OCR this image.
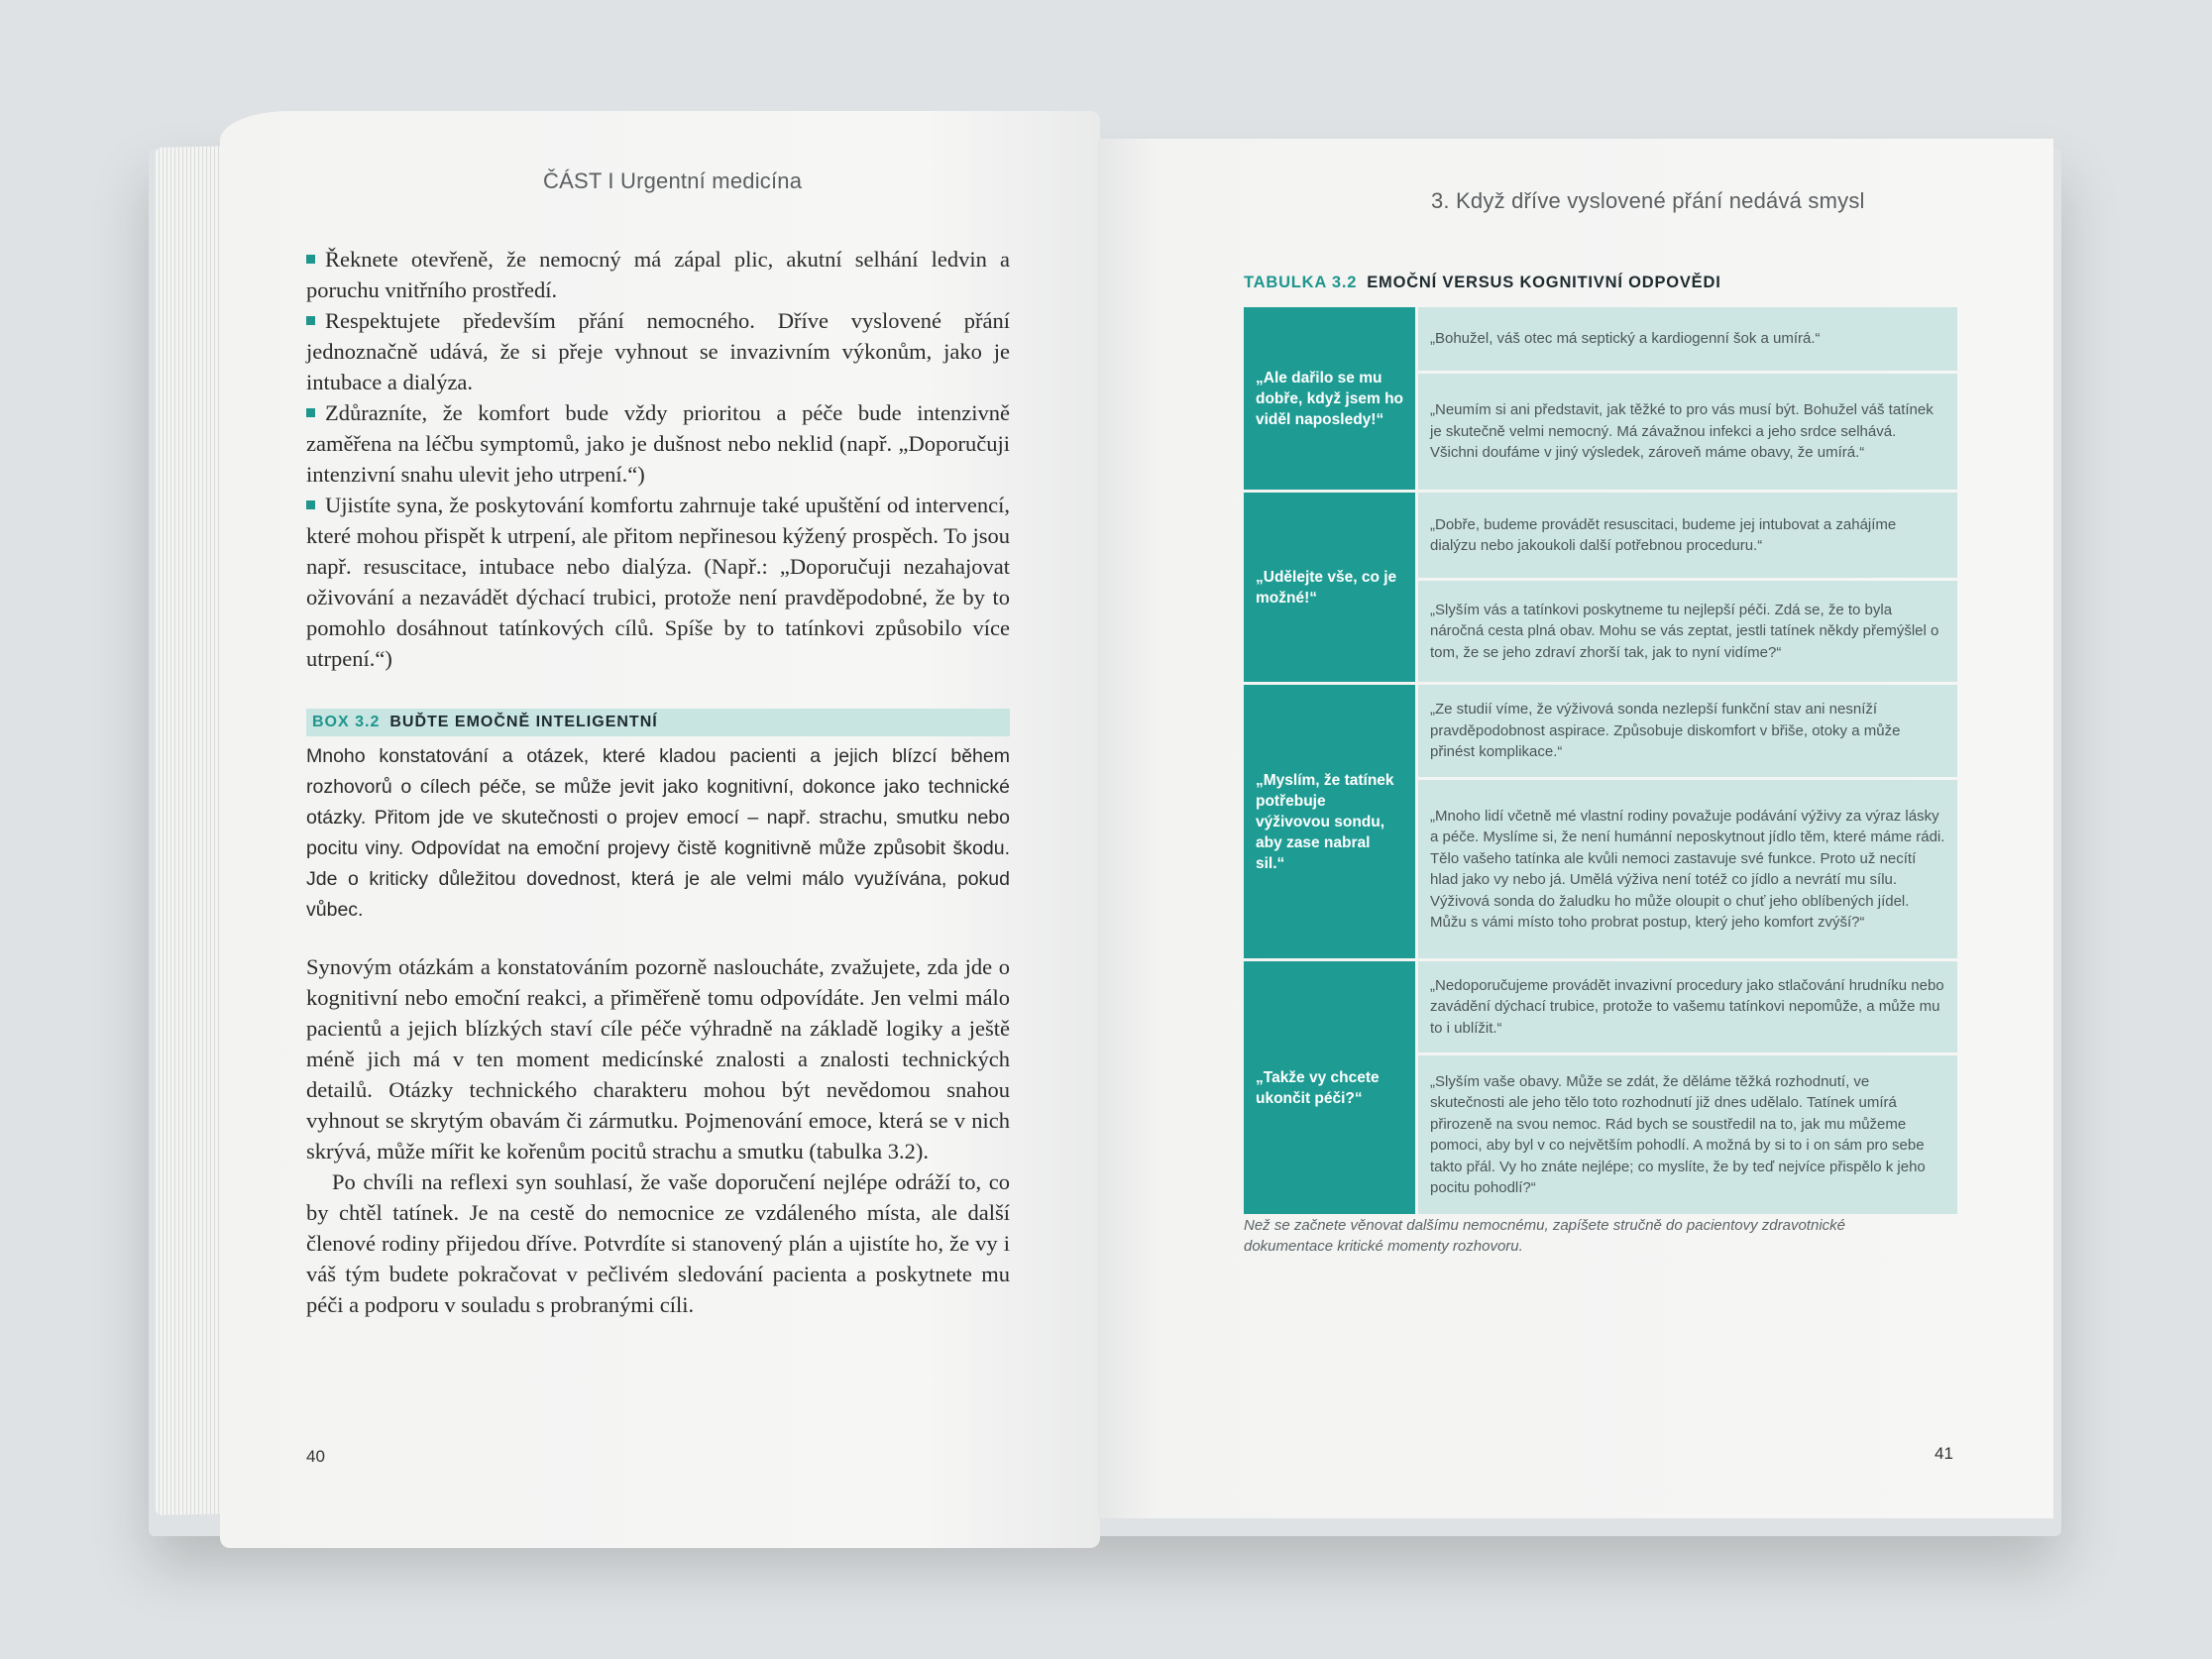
ČÁST I Urgentní medicína

Řeknete otevřeně, že nemocný má zápal plic, akutní selhání ledvin a poruchu vnitřního prostředí.

Respektujete především přání nemocného. Dříve vyslovené přání jednoznačně udává, že si přeje vyhnout se invazivním výkonům, jako je intubace a dialýza.

Zdůrazníte, že komfort bude vždy prioritou a péče bude intenzivně zaměřena na léčbu symptomů, jako je dušnost nebo neklid (např. „Doporučuji intenzivní snahu ulevit jeho utrpení.“)

Ujistíte syna, že poskytování komfortu zahrnuje také upuštění od intervencí, které mohou přispět k utrpení, ale přitom nepřinesou kýžený prospěch. To jsou např. resuscitace, intubace nebo dialýza. (Např.: „Doporučuji nezahajovat oživování a nezavádět dýchací trubici, protože není pravděpodobné, že by to pomohlo dosáhnout tatínkových cílů. Spíše by to tatínkovi způsobilo více utrpení.“)

BOX 3.2 BUĎTE EMOČNĚ INTELIGENTNÍ
Mnoho konstatování a otázek, které kladou pacienti a jejich blízcí během rozhovorů o cílech péče, se může jevit jako kognitivní, dokonce jako technické otázky. Přitom jde ve skutečnosti o projev emocí – např. strachu, smutku nebo pocitu viny. Odpovídat na emoční projevy čistě kognitivně může způsobit škodu. Jde o kriticky důležitou dovednost, která je ale velmi málo využívána, pokud vůbec.

Synovým otázkám a konstatováním pozorně nasloucháte, zvažujete, zda jde o kognitivní nebo emoční reakci, a přiměřeně tomu odpovídáte. Jen velmi málo pacientů a jejich blízkých staví cíle péče výhradně na základě logiky a ještě méně jich má v ten moment medicínské znalosti a znalosti technických detailů. Otázky technického charakteru mohou být nevědomou snahou vyhnout se skrytým obavám či zármutku. Pojmenování emoce, která se v nich skrývá, může mířit ke kořenům pocitů strachu a smutku (tabulka 3.2).

Po chvíli na reflexi syn souhlasí, že vaše doporučení nejlépe odráží to, co by chtěl tatínek. Je na cestě do nemocnice ze vzdáleného místa, ale další členové rodiny přijedou dříve. Potvrdíte si stanovený plán a ujistíte ho, že vy i váš tým budete pokračovat v pečlivém sledování pacienta a poskytnete mu péči a podporu v souladu s probranými cíli.

40
3. Když dříve vyslovené přání nedává smysl
TABULKA 3.2 EMOČNÍ VERSUS KOGNITIVNÍ ODPOVĚDI
„Ale dařilo se mu dobře, když jsem ho viděl naposledy!“
„Bohužel, váš otec má septický a kardiogenní šok a umírá.“
„Neumím si ani představit, jak těžké to pro vás musí být. Bohužel váš tatínek je skutečně velmi nemocný. Má závažnou infekci a jeho srdce selhává. Všichni doufáme v jiný výsledek, zároveň máme obavy, že umírá.“
„Udělejte vše, co je možné!“
„Dobře, budeme provádět resuscitaci, budeme jej intubovat a zahájíme dialýzu nebo jakoukoli další potřebnou proceduru.“
„Slyším vás a tatínkovi poskytneme tu nejlepší péči. Zdá se, že to byla náročná cesta plná obav. Mohu se vás zeptat, jestli tatínek někdy přemýšlel o tom, že se jeho zdraví zhorší tak, jak to nyní vidíme?“
„Myslím, že tatínek potřebuje výživovou sondu, aby zase nabral sil.“
„Ze studií víme, že výživová sonda nezlepší funkční stav ani nesníží pravděpodobnost aspirace. Způsobuje diskomfort v břiše, otoky a může přinést komplikace.“
„Mnoho lidí včetně mé vlastní rodiny považuje podávání výživy za výraz lásky a péče. Myslíme si, že není humánní neposkytnout jídlo těm, které máme rádi. Tělo vašeho tatínka ale kvůli nemoci zastavuje své funkce. Proto už necítí hlad jako vy nebo já. Umělá výživa není totéž co jídlo a nevrátí mu sílu. Výživová sonda do žaludku ho může oloupit o chuť jeho oblíbených jídel. Můžu s vámi místo toho probrat postup, který jeho komfort zvýší?“
„Takže vy chcete ukončit péči?“
„Nedoporučujeme provádět invazivní procedury jako stlačování hrudníku nebo zavádění dýchací trubice, protože to vašemu tatínkovi nepomůže, a může mu to i ublížit.“
„Slyším vaše obavy. Může se zdát, že děláme těžká rozhodnutí, ve skutečnosti ale jeho tělo toto rozhodnutí již dnes udělalo. Tatínek umírá přirozeně na svou nemoc. Rád bych se soustředil na to, jak mu můžeme pomoci, aby byl v co největším pohodlí. A možná by si to i on sám pro sebe takto přál. Vy ho znáte nejlépe; co myslíte, že by teď nejvíce přispělo k jeho pocitu pohodlí?“
Než se začnete věnovat dalšímu nemocnému, zapíšete stručně do pacientovy zdravotnické dokumentace kritické momenty rozhovoru.
41
